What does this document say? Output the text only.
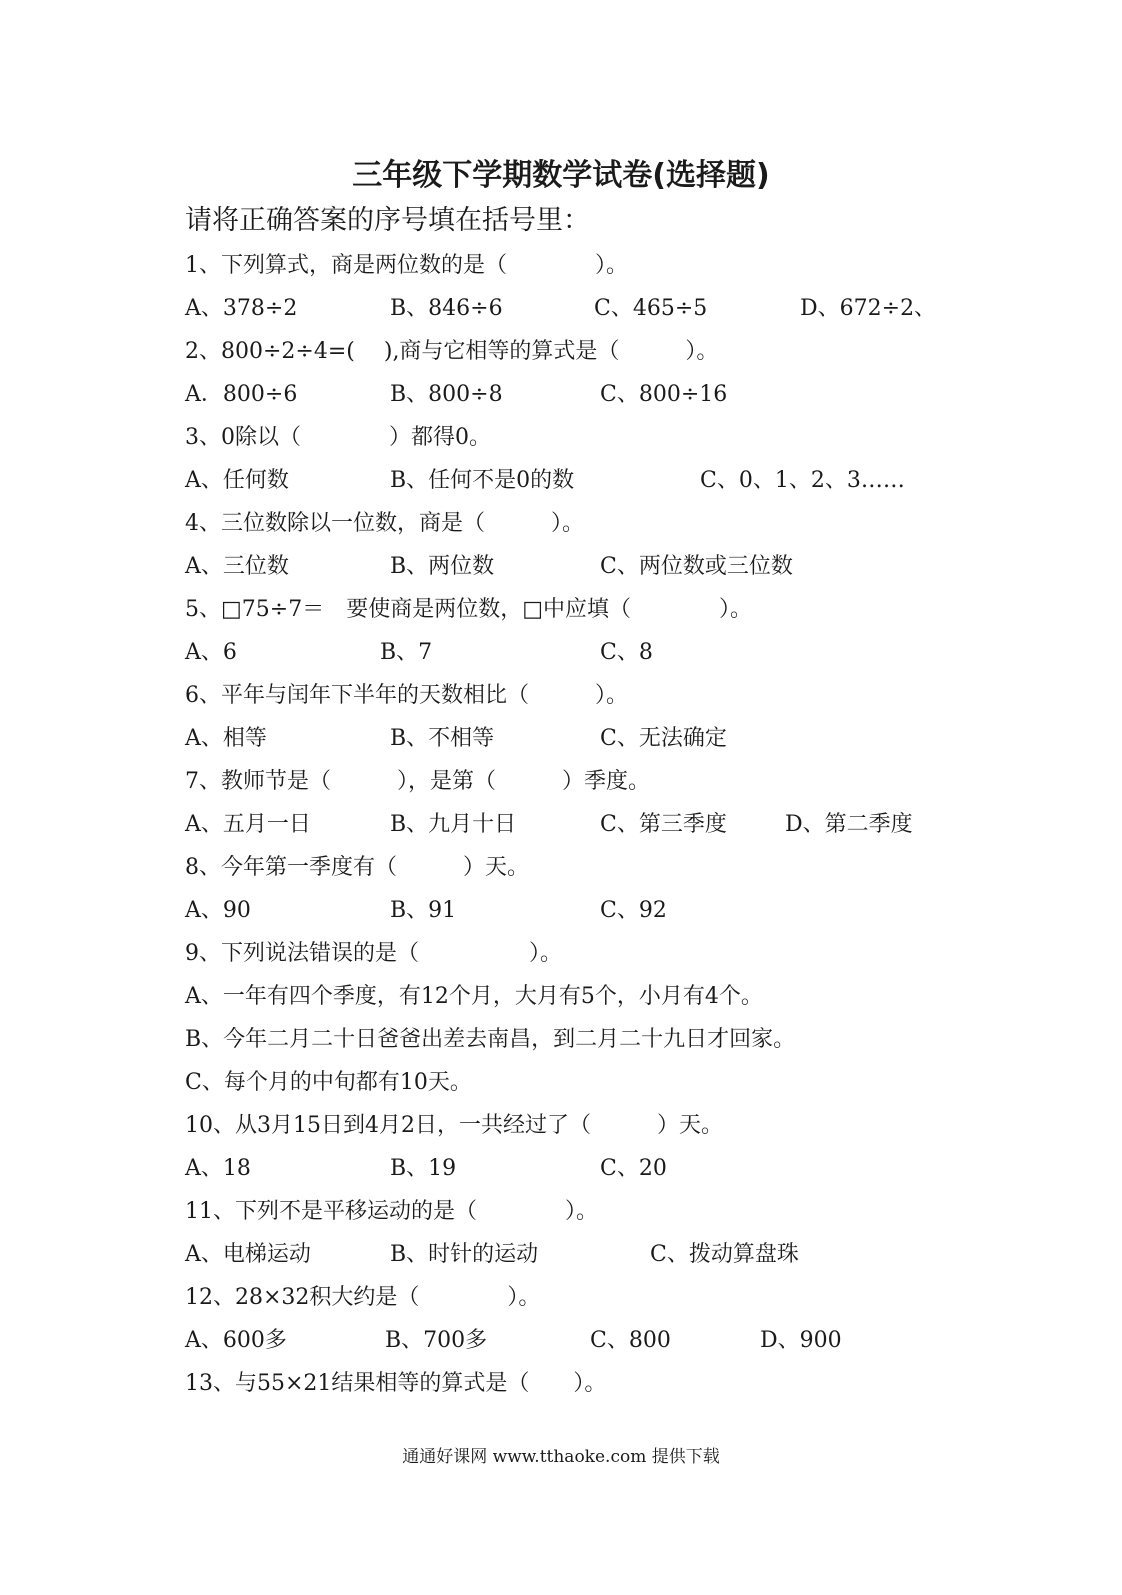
三年级下学期数学试卷(选择题)
请将正确答案的序号填在括号里：
1、下列算式，商是两位数的是（　　　　）。
A、378÷2	B、846÷6	C、465÷5	D、672÷2、
2、800÷2÷4=(　 ),商与它相等的算式是（　　　）。
A．800÷6	B、800÷8	C、800÷16
3、0除以（　　　　）都得0。
A、任何数	B、任何不是0的数	C、0、1、2、3……
4、三位数除以一位数，商是（　　　）。
A、三位数	B、两位数	C、两位数或三位数
5、□75÷7＝　要使商是两位数，□中应填（　　　　）。
A、6	B、7	C、8
6、平年与闰年下半年的天数相比（　　　）。
A、相等	B、不相等	C、无法确定
7、教师节是（　　　），是第（　　　）季度。
A、五月一日	B、九月十日	C、第三季度	D、第二季度
8、今年第一季度有（　　　）天。
A、90	B、91	C、92
9、下列说法错误的是（　　　　　）。
A、一年有四个季度，有12个月，大月有5个，小月有4个。
B、今年二月二十日爸爸出差去南昌，到二月二十九日才回家。
C、每个月的中旬都有10天。
10、从3月15日到4月2日，一共经过了（　　　）天。
A、18	B、19	C、20
11、下列不是平移运动的是（　　　　）。
A、电梯运动	B、时针的运动	C、拨动算盘珠
12、28×32积大约是（　　　　）。
A、600多	B、700多	C、800	D、900
13、与55×21结果相等的算式是（　　）。
通通好课网 www.tthaoke.com 提供下载
